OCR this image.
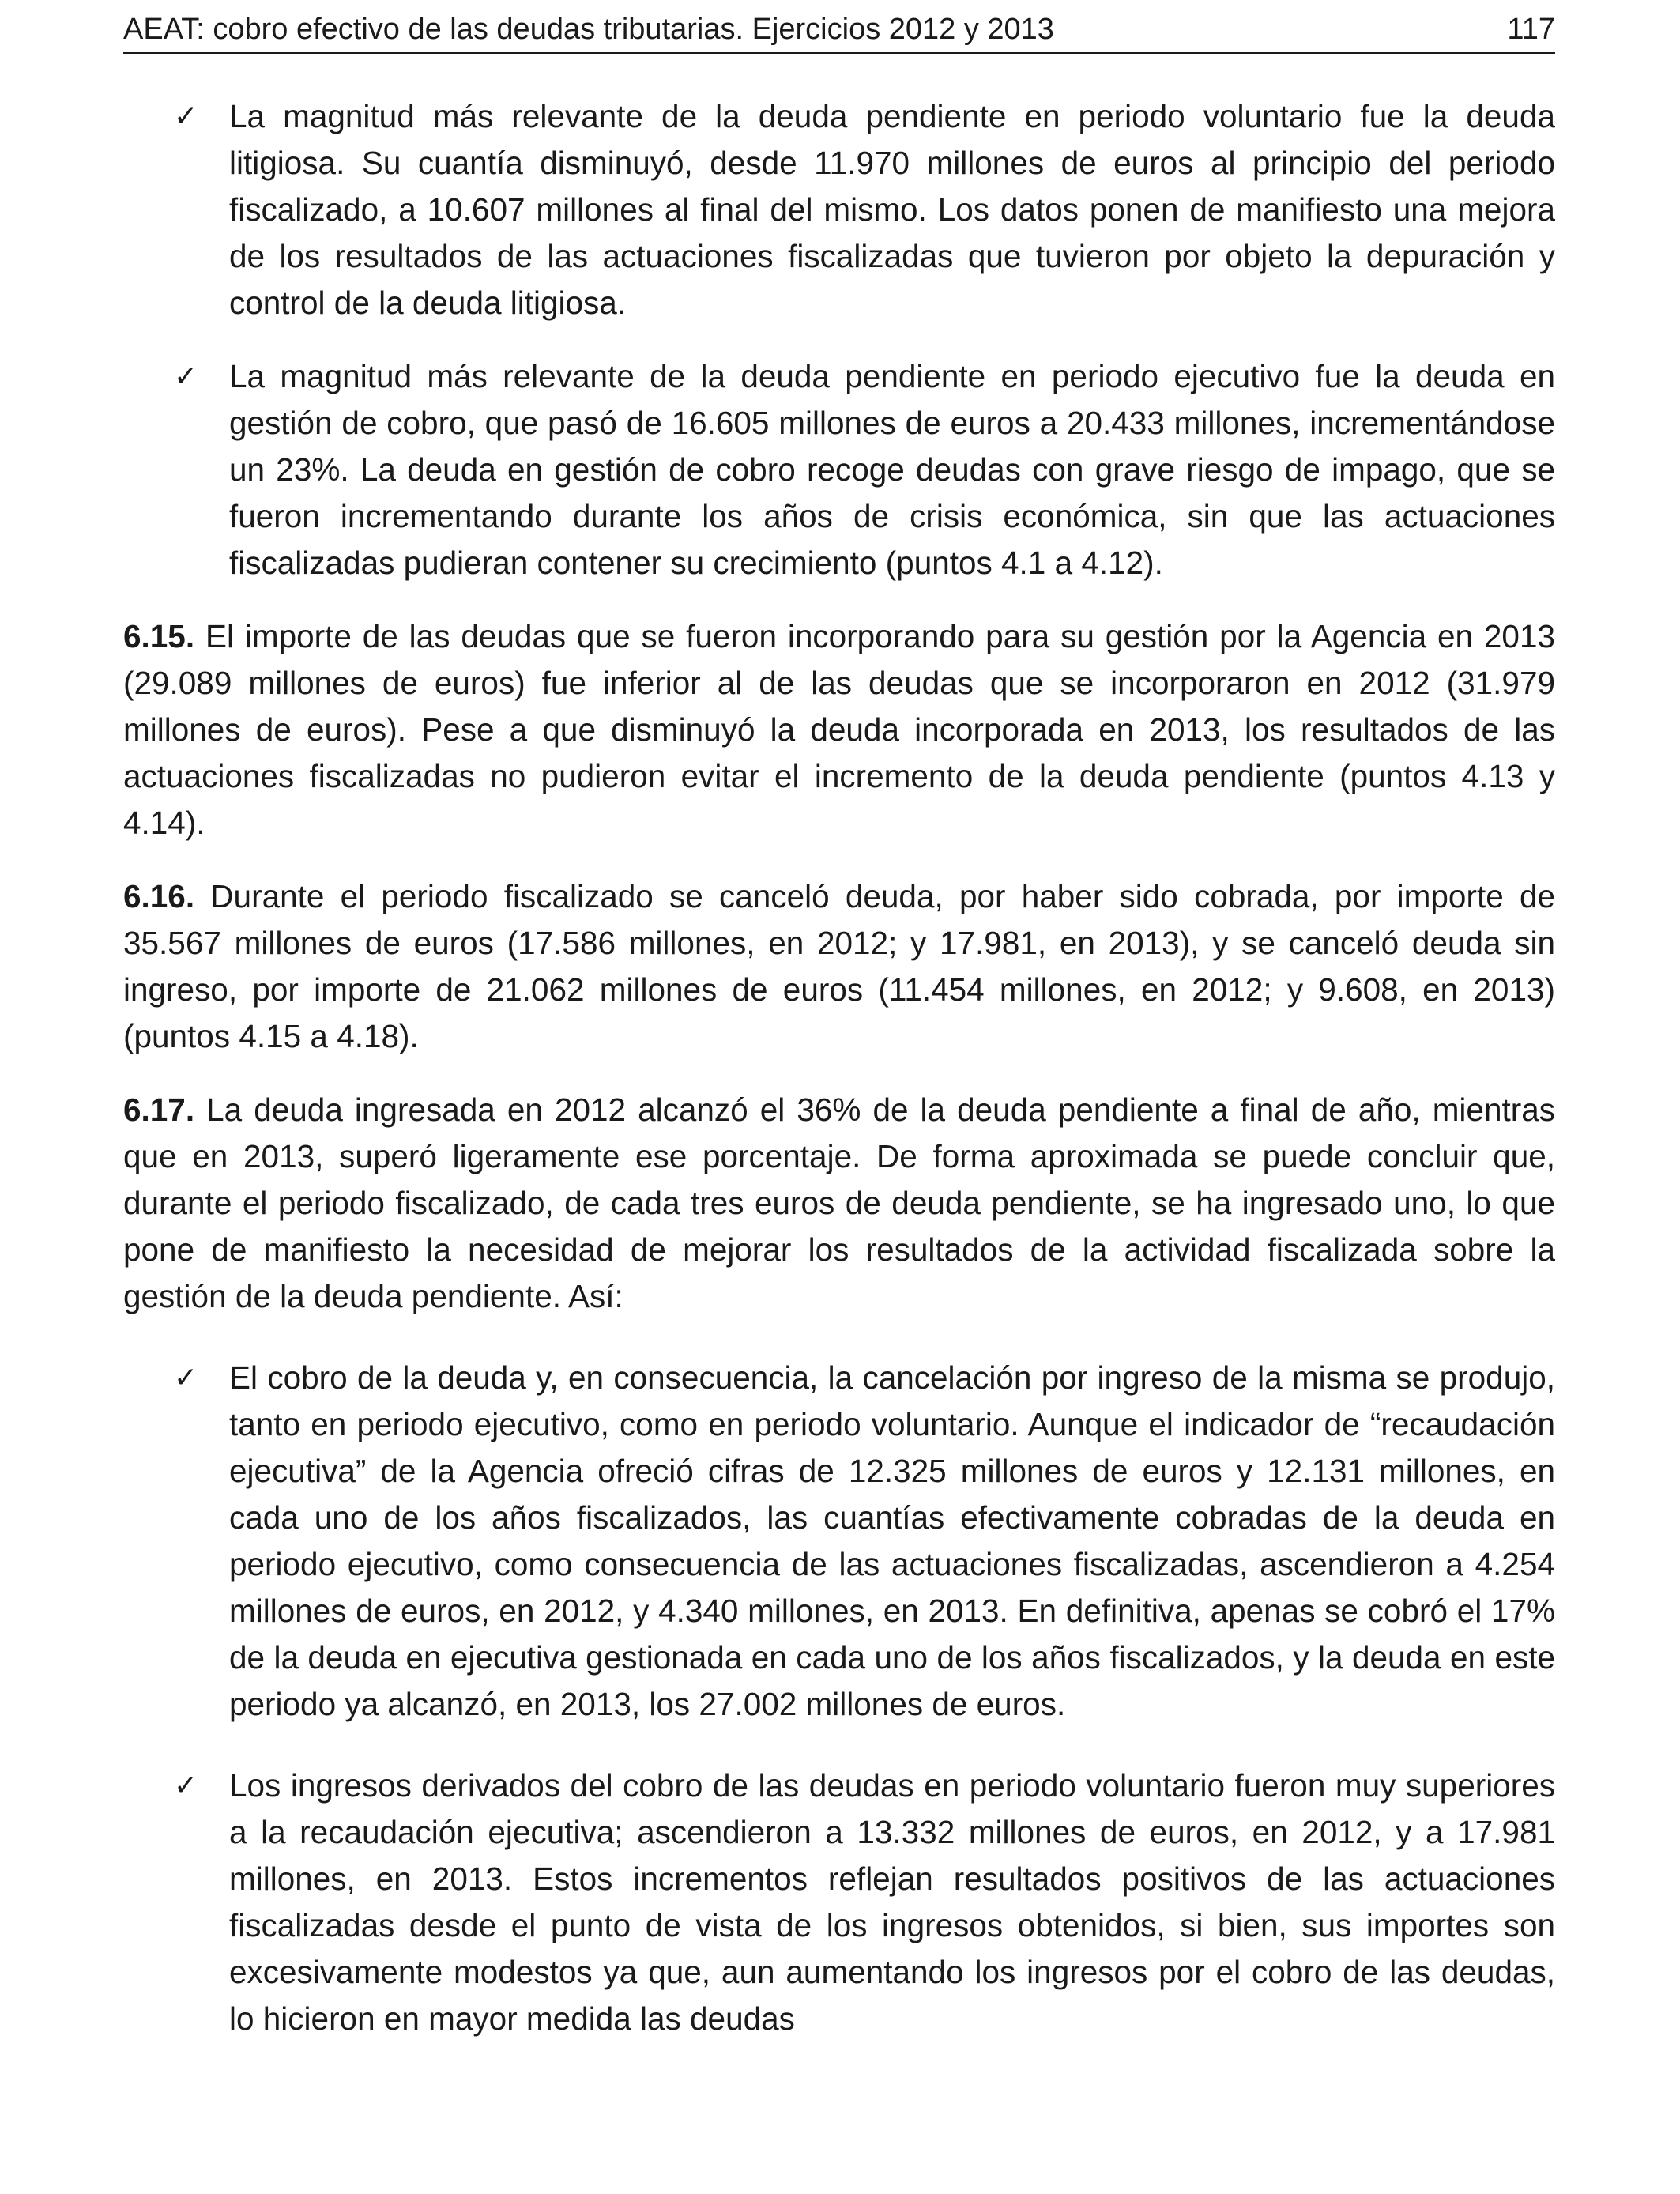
AEAT: cobro efectivo de las deudas tributarias. Ejercicios 2012 y 2013	117

✓ La magnitud más relevante de la deuda pendiente en periodo voluntario fue la deuda litigiosa. Su cuantía disminuyó, desde 11.970 millones de euros al principio del periodo fiscalizado, a 10.607 millones al final del mismo. Los datos ponen de manifiesto una mejora de los resultados de las actuaciones fiscalizadas que tuvieron por objeto la depuración y control de la deuda litigiosa.

✓ La magnitud más relevante de la deuda pendiente en periodo ejecutivo fue la deuda en gestión de cobro, que pasó de 16.605 millones de euros a 20.433 millones, incrementándose un 23%. La deuda en gestión de cobro recoge deudas con grave riesgo de impago, que se fueron incrementando durante los años de crisis económica, sin que las actuaciones fiscalizadas pudieran contener su crecimiento (puntos 4.1 a 4.12).

6.15. El importe de las deudas que se fueron incorporando para su gestión por la Agencia en 2013 (29.089 millones de euros) fue inferior al de las deudas que se incorporaron en 2012 (31.979 millones de euros). Pese a que disminuyó la deuda incorporada en 2013, los resultados de las actuaciones fiscalizadas no pudieron evitar el incremento de la deuda pendiente (puntos 4.13 y 4.14).

6.16. Durante el periodo fiscalizado se canceló deuda, por haber sido cobrada, por importe de 35.567 millones de euros (17.586 millones, en 2012; y 17.981, en 2013), y se canceló deuda sin ingreso, por importe de 21.062 millones de euros (11.454 millones, en 2012; y 9.608, en 2013) (puntos 4.15 a 4.18).

6.17. La deuda ingresada en 2012 alcanzó el 36% de la deuda pendiente a final de año, mientras que en 2013, superó ligeramente ese porcentaje. De forma aproximada se puede concluir que, durante el periodo fiscalizado, de cada tres euros de deuda pendiente, se ha ingresado uno, lo que pone de manifiesto la necesidad de mejorar los resultados de la actividad fiscalizada sobre la gestión de la deuda pendiente. Así:

✓ El cobro de la deuda y, en consecuencia, la cancelación por ingreso de la misma se produjo, tanto en periodo ejecutivo, como en periodo voluntario. Aunque el indicador de “recaudación ejecutiva” de la Agencia ofreció cifras de 12.325 millones de euros y 12.131 millones, en cada uno de los años fiscalizados, las cuantías efectivamente cobradas de la deuda en periodo ejecutivo, como consecuencia de las actuaciones fiscalizadas, ascendieron a 4.254 millones de euros, en 2012, y 4.340 millones, en 2013. En definitiva, apenas se cobró el 17% de la deuda en ejecutiva gestionada en cada uno de los años fiscalizados, y la deuda en este periodo ya alcanzó, en 2013, los 27.002 millones de euros.

✓ Los ingresos derivados del cobro de las deudas en periodo voluntario fueron muy superiores a la recaudación ejecutiva; ascendieron a 13.332 millones de euros, en 2012, y a 17.981 millones, en 2013. Estos incrementos reflejan resultados positivos de las actuaciones fiscalizadas desde el punto de vista de los ingresos obtenidos, si bien, sus importes son excesivamente modestos ya que, aun aumentando los ingresos por el cobro de las deudas, lo hicieron en mayor medida las deudas
